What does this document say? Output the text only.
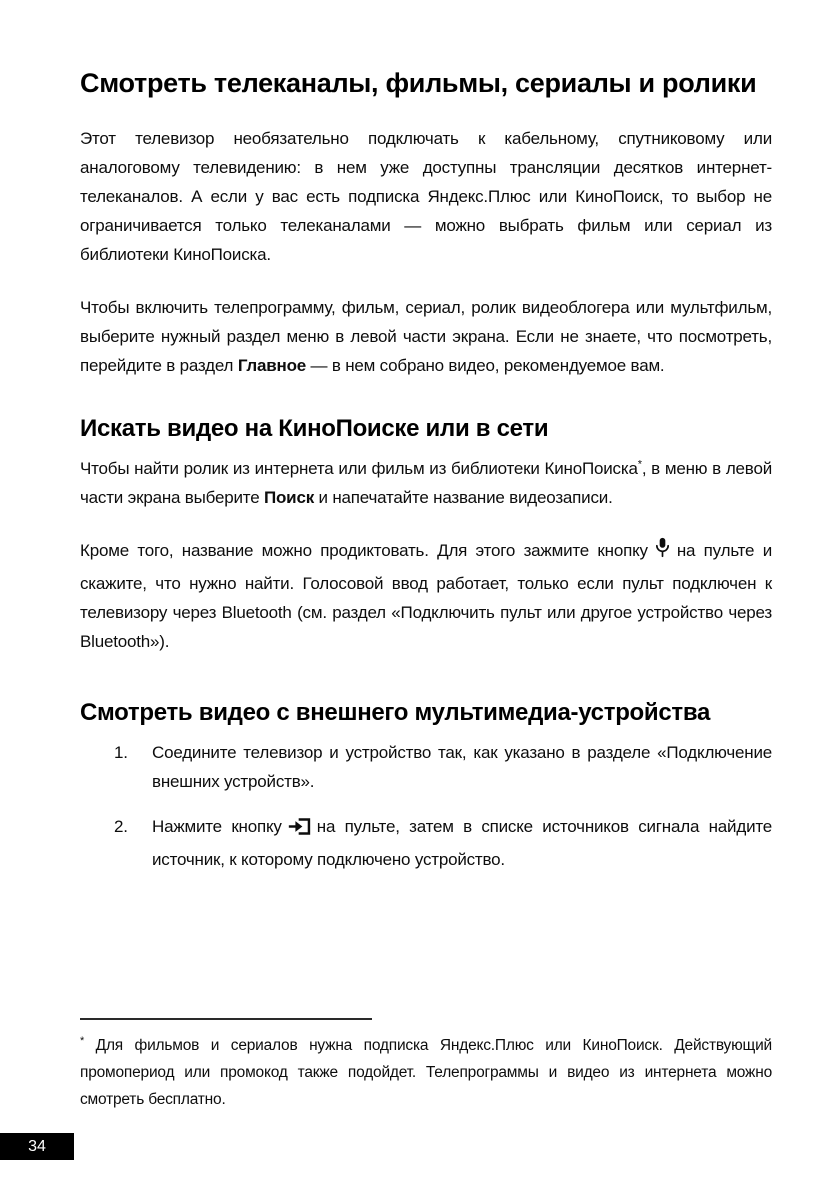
Смотреть телеканалы, фильмы, сериалы и ролики

Этот телевизор необязательно подключать к кабельному, спутниковому или аналоговому телевидению: в нем уже доступны трансляции десятков интернет-телеканалов. А если у вас есть подписка Яндекс.Плюс или КиноПоиск, то выбор не ограничивается только телеканалами — можно выбрать фильм или сериал из библиотеки КиноПоиска.

Чтобы включить телепрограмму, фильм, сериал, ролик видеоблогера или мультфильм, выберите нужный раздел меню в левой части экрана. Если не знаете, что посмотреть, перейдите в раздел Главное — в нем собрано видео, рекомендуемое вам.

Искать видео на КиноПоиске или в сети

Чтобы найти ролик из интернета или фильм из библиотеки КиноПоиска*, в меню в левой части экрана выберите Поиск и напечатайте название видеозаписи.

Кроме того, название можно продиктовать. Для этого зажмите кнопку на пульте и скажите, что нужно найти. Голосовой ввод работает, только если пульт подключен к телевизору через Bluetooth (см. раздел «Подключить пульт или другое устройство через Bluetooth»).

Смотреть видео с внешнего мультимедиа-устройства
1.	Соедините телевизор и устройство так, как указано в разделе «Подключение внешних устройств».
2.	Нажмите кнопку на пульте, затем в списке источников сигнала найдите источник, к которому подключено устройство.

* Для фильмов и сериалов нужна подписка Яндекс.Плюс или КиноПоиск. Действующий промопериод или промокод также подойдет. Телепрограммы и видео из интернета можно смотреть бесплатно.

34
